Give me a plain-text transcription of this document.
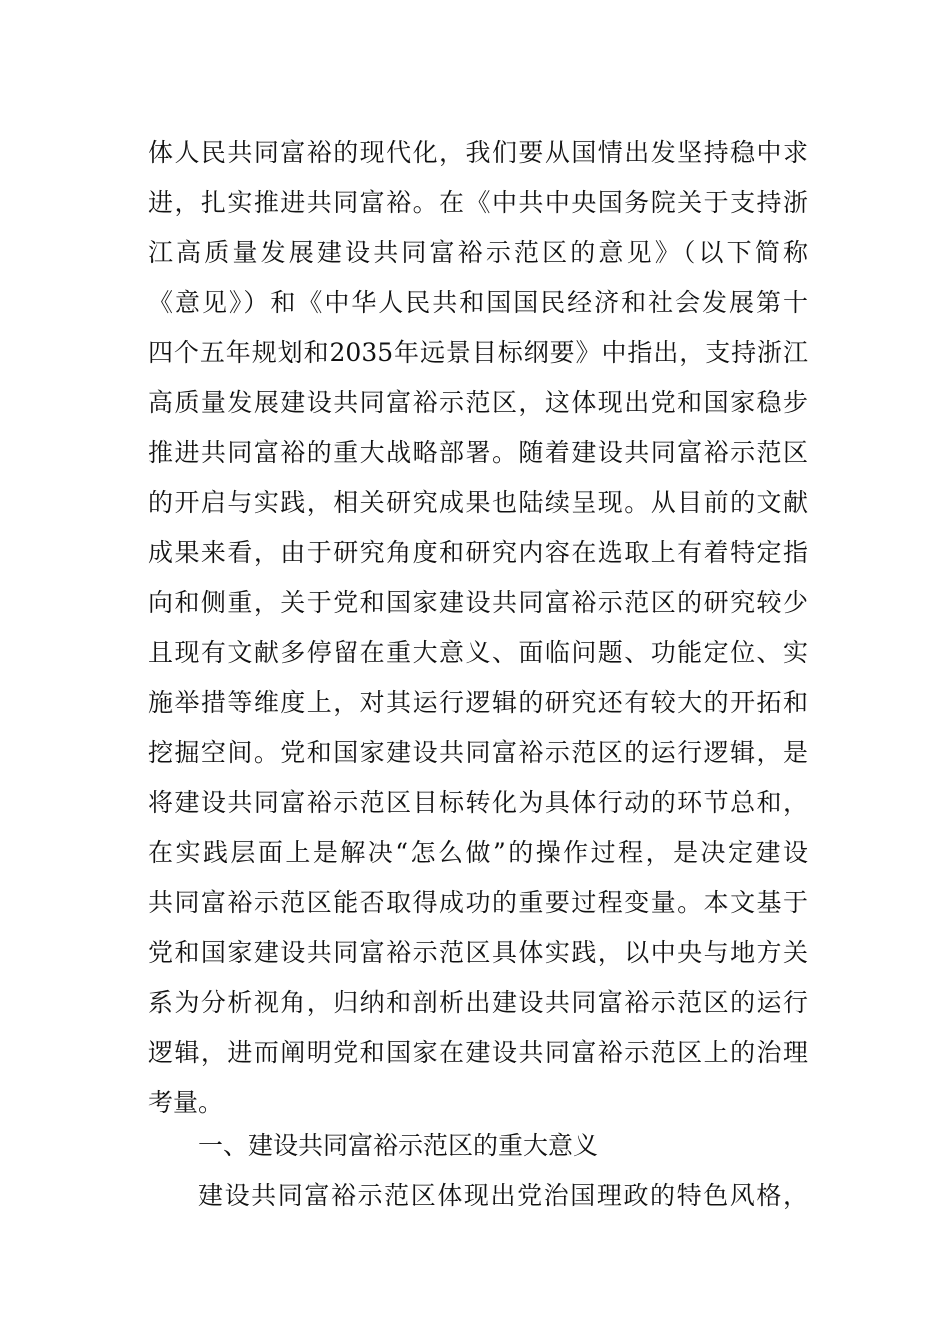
体人民共同富裕的现代化，我们要从国情出发坚持稳中求
进，扎实推进共同富裕。在《中共中央国务院关于支持浙
江高质量发展建设共同富裕示范区的意见》（以下简称
《意见》）和《中华人民共和国国民经济和社会发展第十
四个五年规划和2035年远景目标纲要》中指出，支持浙江
高质量发展建设共同富裕示范区，这体现出党和国家稳步
推进共同富裕的重大战略部署。随着建设共同富裕示范区
的开启与实践，相关研究成果也陆续呈现。从目前的文献
成果来看，由于研究角度和研究内容在选取上有着特定指
向和侧重，关于党和国家建设共同富裕示范区的研究较少
且现有文献多停留在重大意义、面临问题、功能定位、实
施举措等维度上，对其运行逻辑的研究还有较大的开拓和
挖掘空间。党和国家建设共同富裕示范区的运行逻辑，是
将建设共同富裕示范区目标转化为具体行动的环节总和，
在实践层面上是解决“怎么做”的操作过程，是决定建设
共同富裕示范区能否取得成功的重要过程变量。本文基于
党和国家建设共同富裕示范区具体实践，以中央与地方关
系为分析视角，归纳和剖析出建设共同富裕示范区的运行
逻辑，进而阐明党和国家在建设共同富裕示范区上的治理
考量。
一、建设共同富裕示范区的重大意义
建设共同富裕示范区体现出党治国理政的特色风格，
